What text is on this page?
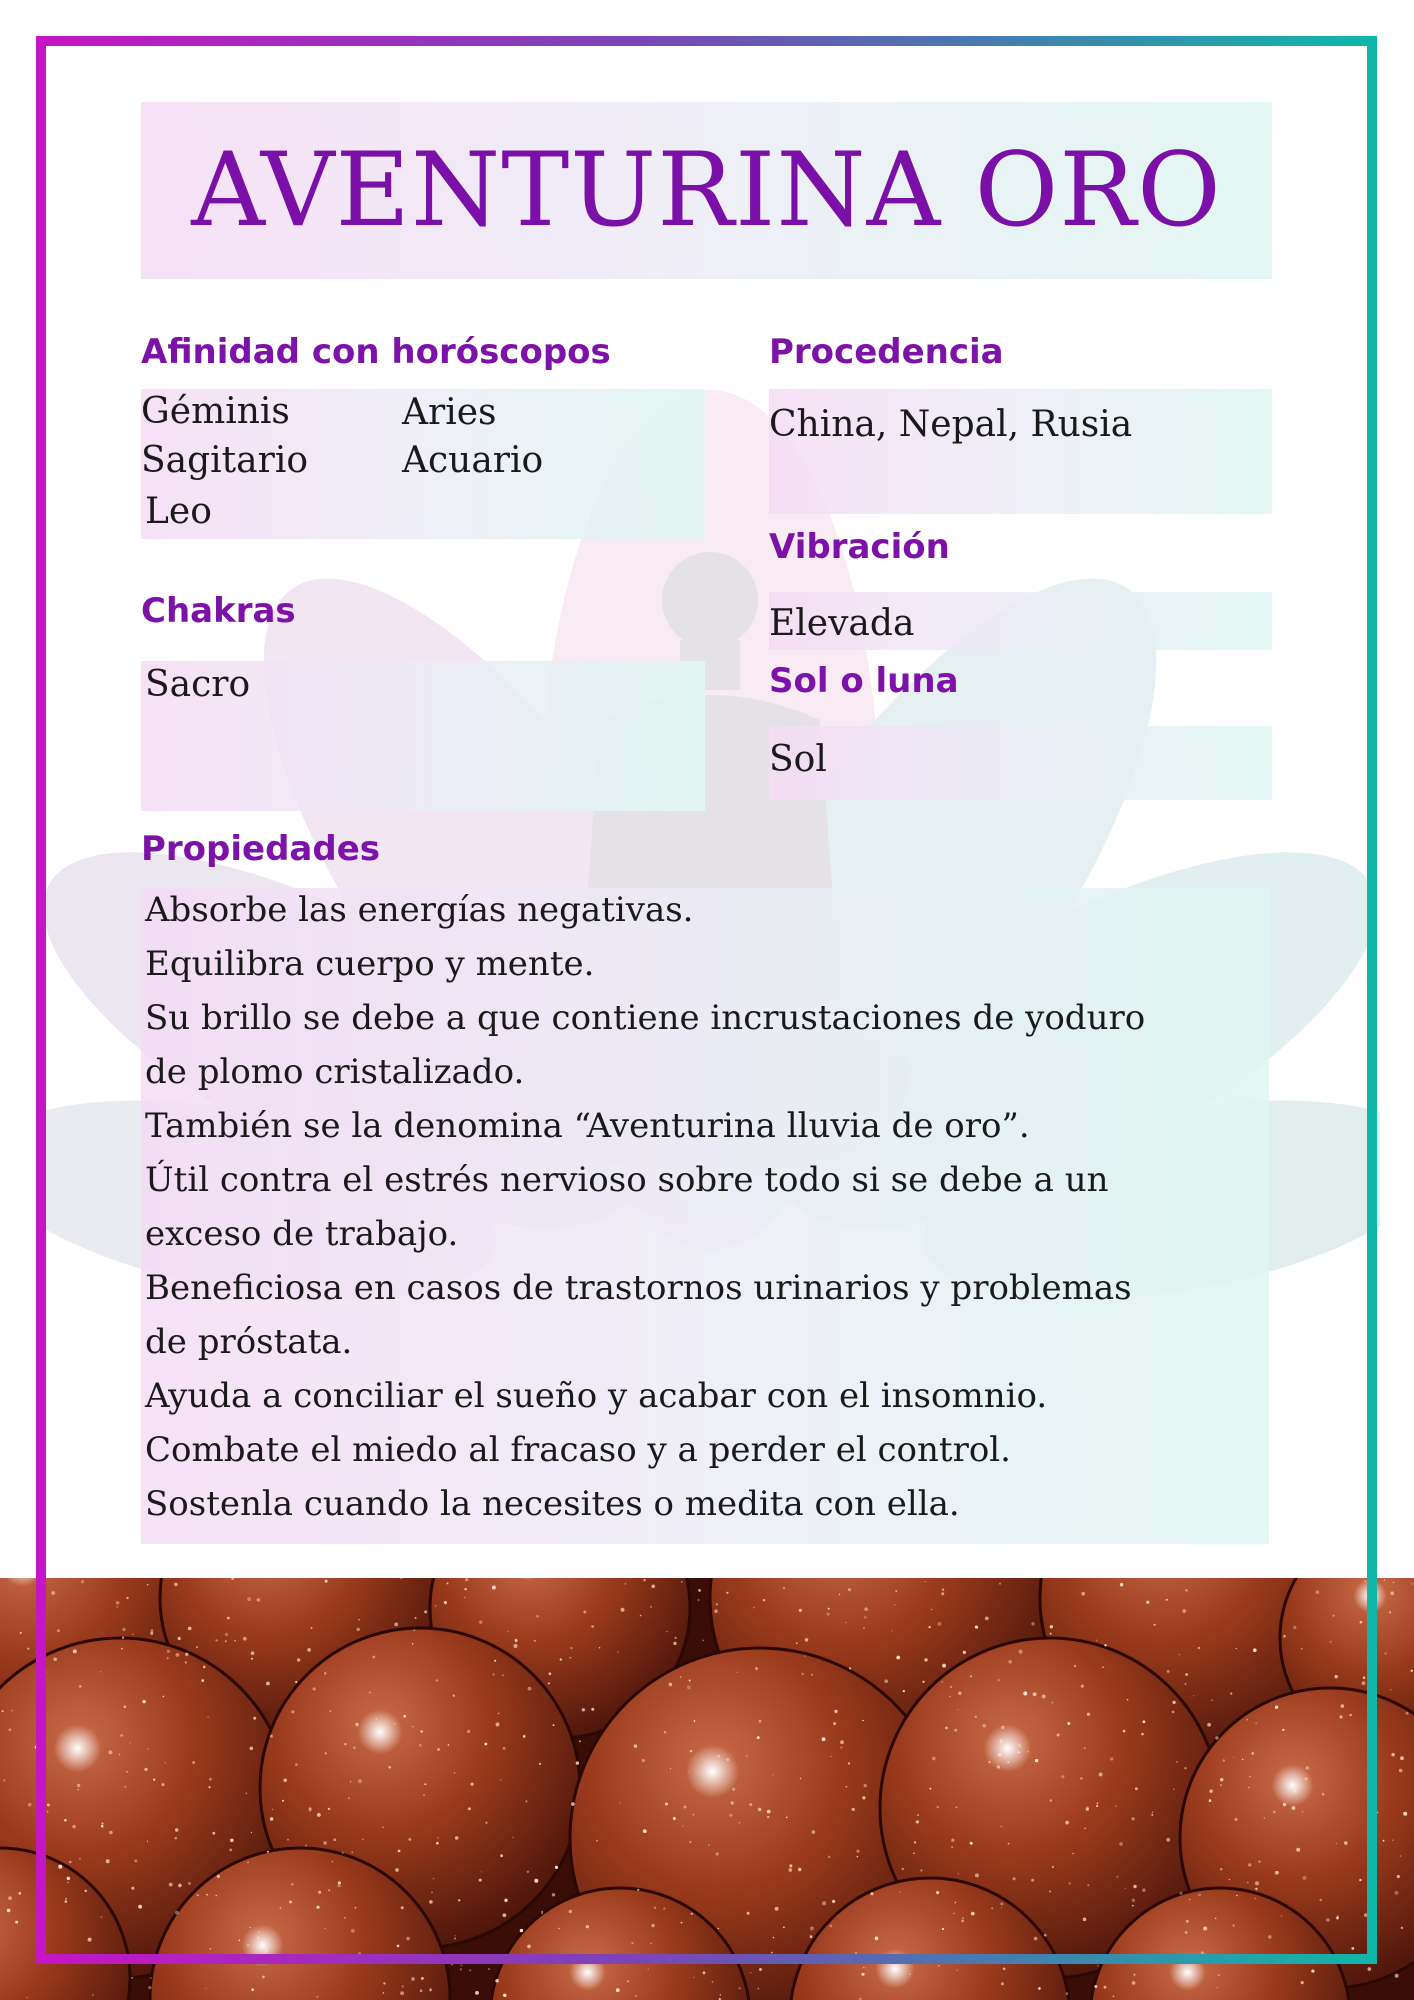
AVENTURINA ORO
Afinidad con horóscopos
Géminis	Aries
Sagitario	Acuario
Leo
Procedencia
China, Nepal, Rusia
Vibración
Elevada
Chakras
Sacro	Sol o luna
Sol
Propiedades
Absorbe las energías negativas.
Equilibra cuerpo y mente.
Su brillo se debe a que contiene incrustaciones de yoduro
de plomo cristalizado.
También se la denomina “Aventurina lluvia de oro”.
Útil contra el estrés nervioso sobre todo si se debe a un
exceso de trabajo.
Beneficiosa en casos de trastornos urinarios y problemas
de próstata.
Ayuda a conciliar el sueño y acabar con el insomnio.
Combate el miedo al fracaso y a perder el control.
Sostenla cuando la necesites o medita con ella.
